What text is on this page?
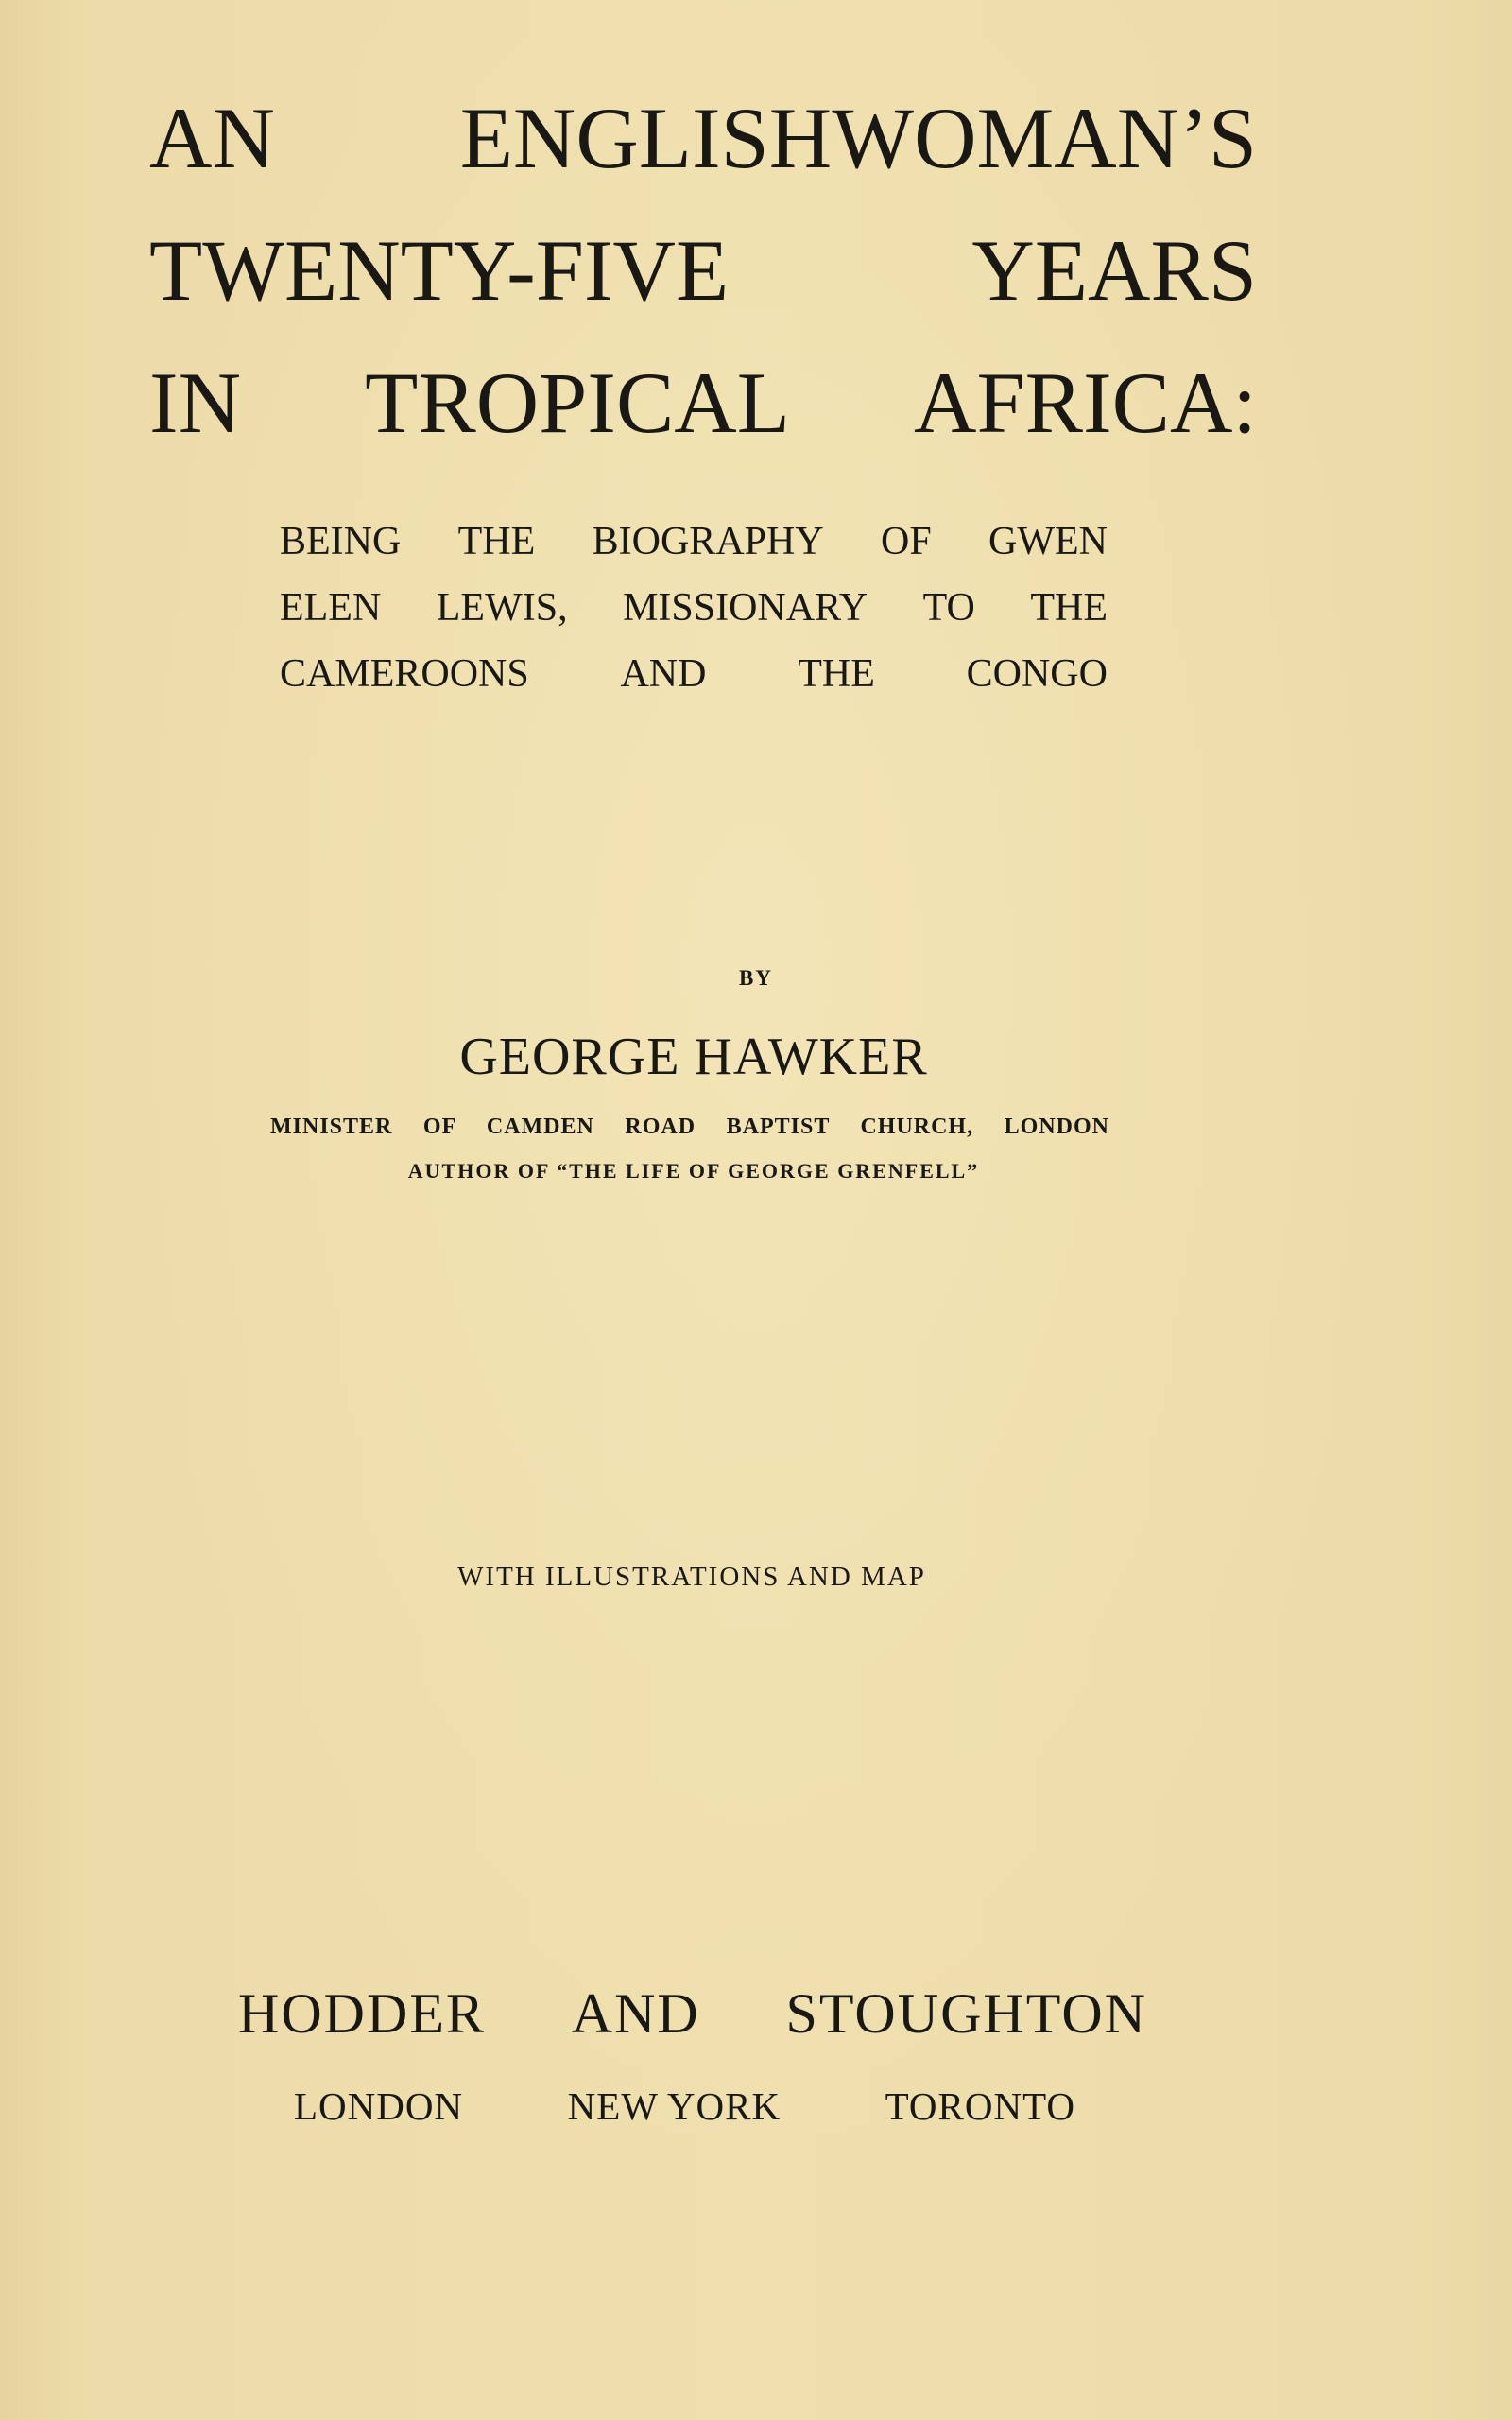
AN ENGLISHWOMAN’S
TWENTY-FIVE	YEARS
IN TROPICAL AFRICA:
BEING THE BIOGRAPHY OF GWEN
ELEN LEWIS, MISSIONARY TO THE
CAMEROONS AND THE CONGO
BY
GEORGE HAWKER
MINISTER OF CAMDEN ROAD BAPTIST CHURCH, LONDON
AUTHOR OF “THE LIFE OF GEORGE GRENFELL”
WITH ILLUSTRATIONS AND MAP
HODDER AND STOUGHTON
LONDON	NEW YORK	TORONTO
